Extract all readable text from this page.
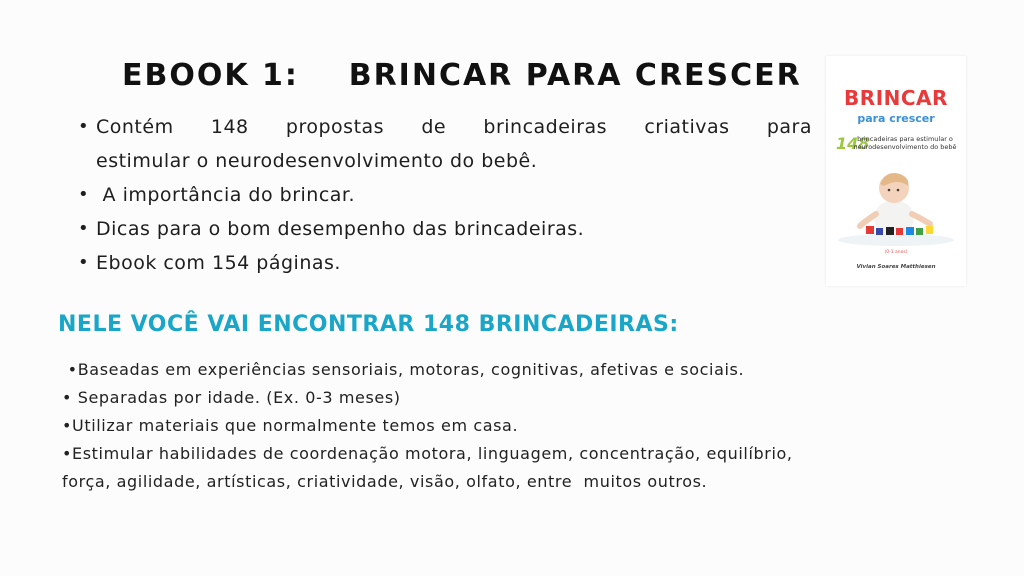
EBOOK 1:    BRINCAR PARA CRESCER
• Contém 148 propostas de brincadeiras criativas para
estimular o neurodesenvolvimento do bebê.
•  A importância do brincar.
• Dicas para o bom desempenho das brincadeiras.
• Ebook com 154 páginas.
NELE VOCÊ VAI ENCONTRAR 148 BRINCADEIRAS:
•Baseadas em experiências sensoriais, motoras, cognitivas, afetivas e sociais.
• Separadas por idade. (Ex. 0-3 meses)
•Utilizar materiais que normalmente temos em casa.
•Estimular habilidades de coordenação motora, linguagem, concentração, equilíbrio,
força, agilidade, artísticas, criatividade, visão, olfato, entre  muitos outros.
BRINCAR
para crescer
148
brincadeiras para estimular o neurodesenvolvimento do bebê
(0-1 anos)
Vivian Soares Matthiesen
